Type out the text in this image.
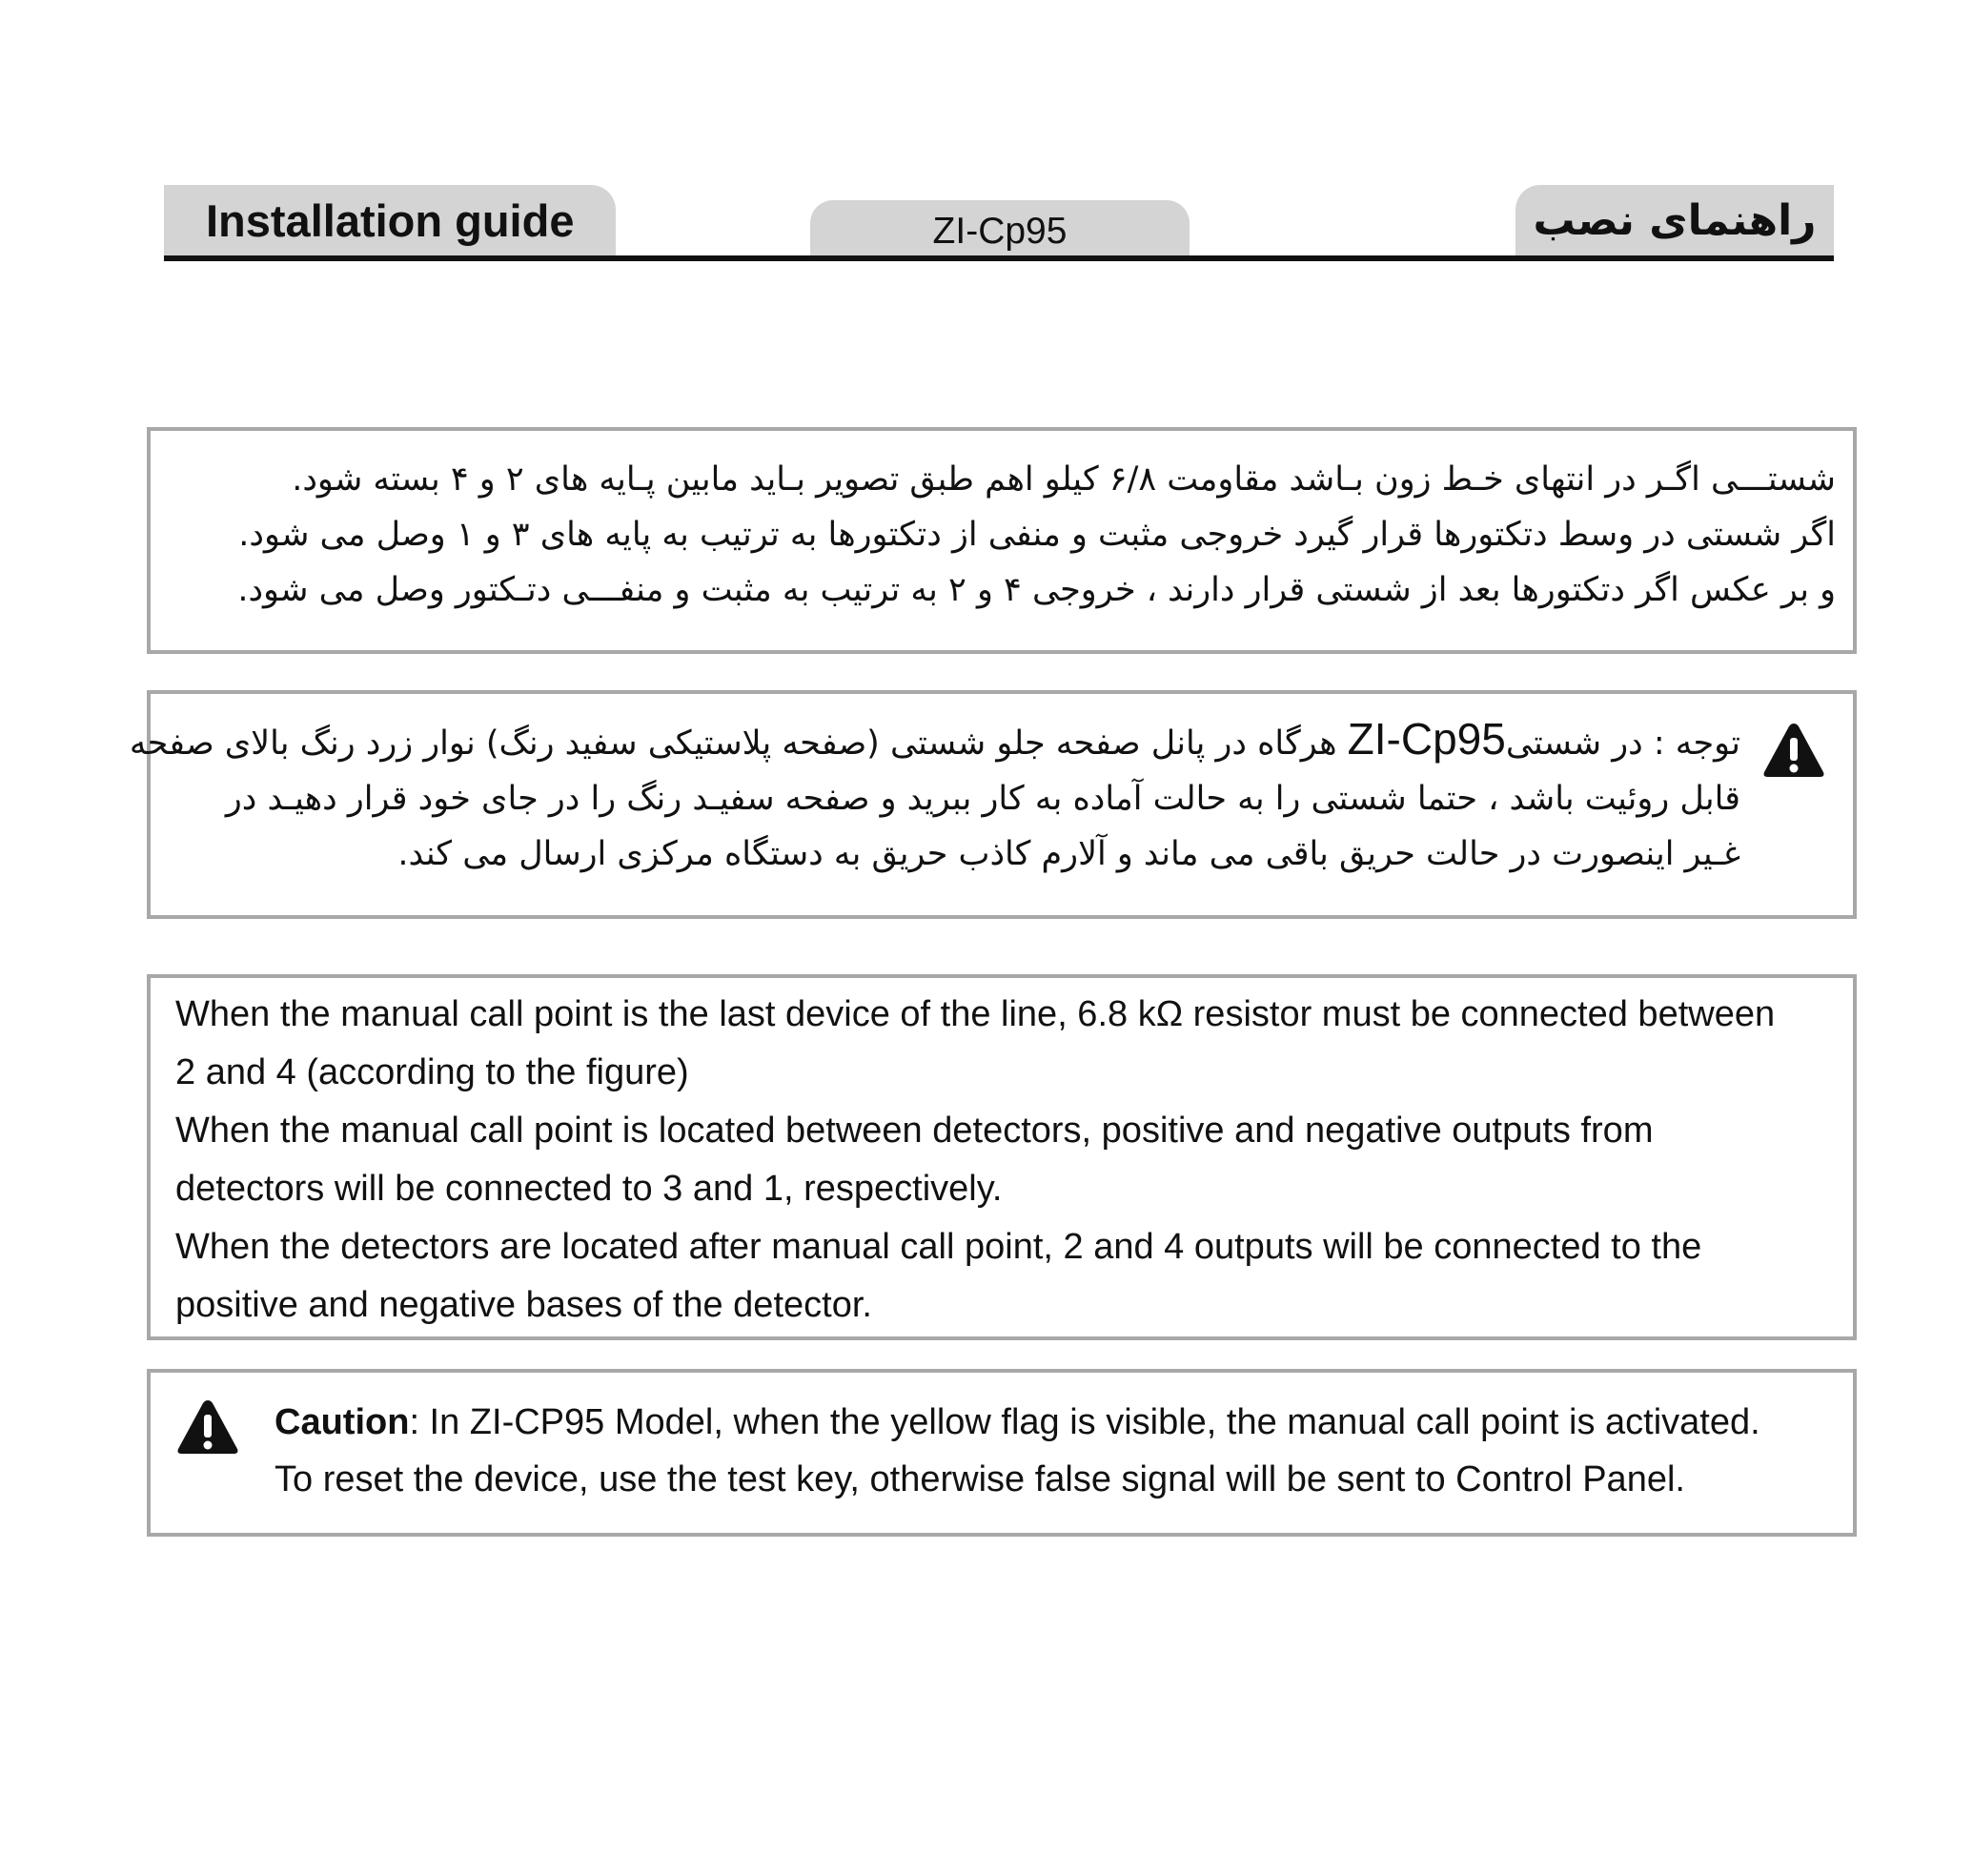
Installation guide	ZI-Cp95	راهنمای نصب
شستـــی اگـر در انتهای خـط زون بـاشد مقاومت ۶/۸ کیلو اهم طبق تصویر بـاید مابین پـایه های ۲ و ۴ بسته شود.
اگر شستی در وسط دتکتورها قرار گیرد خروجی مثبت و منفی از دتکتورها به ترتیب به پایه های ۳ و ۱ وصل می شود.
و بر عکس اگر دتکتورها بعد از شستی قرار دارند ، خروجی ۴ و ۲ به ترتیب به مثبت و منفـــی دتـکتور وصل می شود.
توجه : در شستیZI-Cp95 هرگاه در پانل صفحه جلو شستی (صفحه پلاستیکی سفید رنگ) نوار زرد رنگ بالای صفحه
قابل روئیت باشد ، حتما شستی را به حالت آماده به کار ببرید و صفحه سفیـد رنگ را در جای خود قرار دهیـد در
غـیر اینصورت در حالت حریق باقی می ماند و آلارم کاذب حریق به دستگاه مرکزی ارسال می کند.
When the manual call point is the last device of the line, 6.8 kΩ resistor must be connected between
2 and 4 (according to the figure)
When the manual call point is located between detectors, positive and negative outputs from
detectors will be connected to 3 and 1, respectively.
When the detectors are located after manual call point, 2 and 4 outputs will be connected to the
positive and negative bases of the detector.
Caution: In ZI-CP95 Model, when the yellow flag is visible, the manual call point is activated.
To reset the device, use the test key, otherwise false signal will be sent to Control Panel.
